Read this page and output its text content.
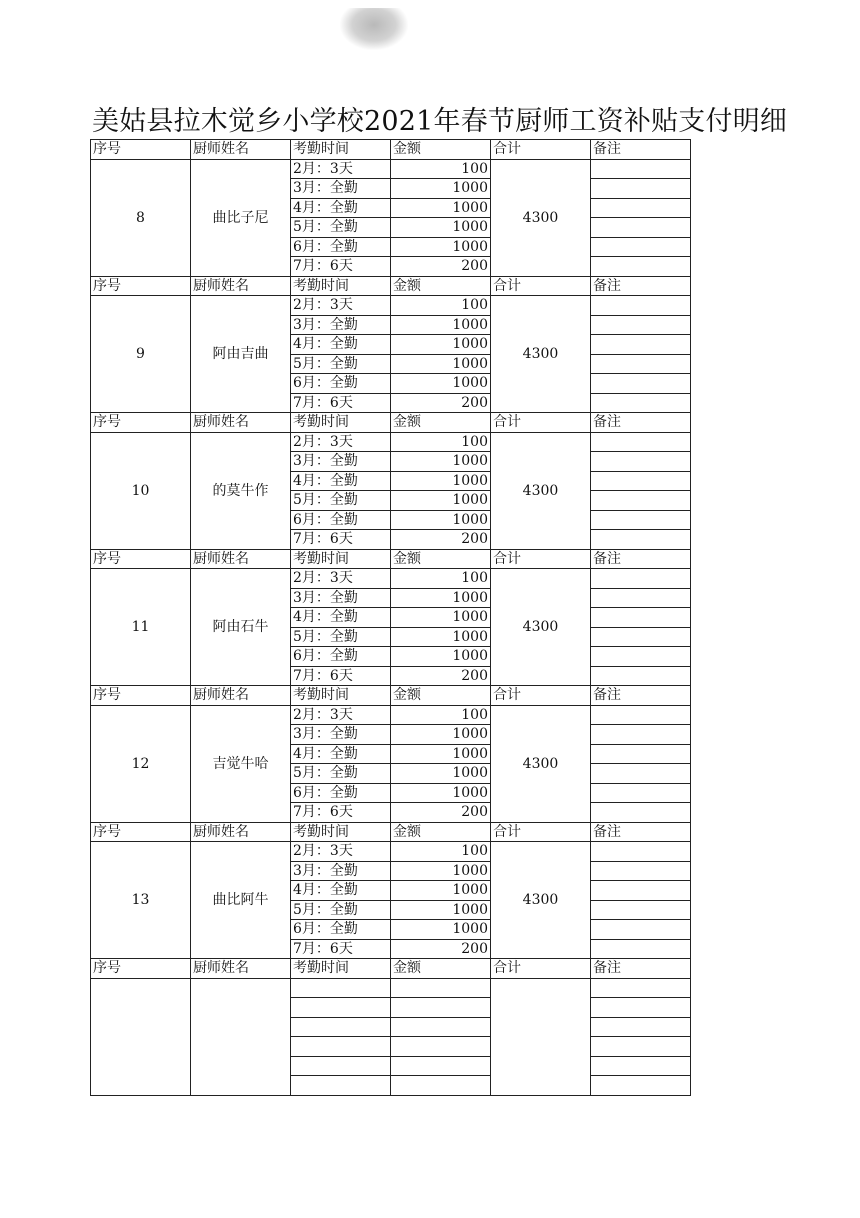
美姑县拉木觉乡小学校2021年春节厨师工资补贴支付明细
序号	厨师姓名	考勤时间	金额	合计	备注
8	曲比子尼	2月：3天	100	4300	
		3月：全勤	1000		
		4月：全勤	1000		
		5月：全勤	1000		
		6月：全勤	1000		
		7月：6天	200		
序号	厨师姓名	考勤时间	金额	合计	备注
9	阿由吉曲	2月：3天	100	4300	
		3月：全勤	1000		
		4月：全勤	1000		
		5月：全勤	1000		
		6月：全勤	1000		
		7月：6天	200		
序号	厨师姓名	考勤时间	金额	合计	备注
10	的莫牛作	2月：3天	100	4300	
		3月：全勤	1000		
		4月：全勤	1000		
		5月：全勤	1000		
		6月：全勤	1000		
		7月：6天	200		
序号	厨师姓名	考勤时间	金额	合计	备注
11	阿由石牛	2月：3天	100	4300	
		3月：全勤	1000		
		4月：全勤	1000		
		5月：全勤	1000		
		6月：全勤	1000		
		7月：6天	200		
序号	厨师姓名	考勤时间	金额	合计	备注
12	吉觉牛哈	2月：3天	100	4300	
		3月：全勤	1000		
		4月：全勤	1000		
		5月：全勤	1000		
		6月：全勤	1000		
		7月：6天	200		
序号	厨师姓名	考勤时间	金额	合计	备注
13	曲比阿牛	2月：3天	100	4300	
		3月：全勤	1000		
		4月：全勤	1000		
		5月：全勤	1000		
		6月：全勤	1000		
		7月：6天	200		
序号	厨师姓名	考勤时间	金额	合计	备注
